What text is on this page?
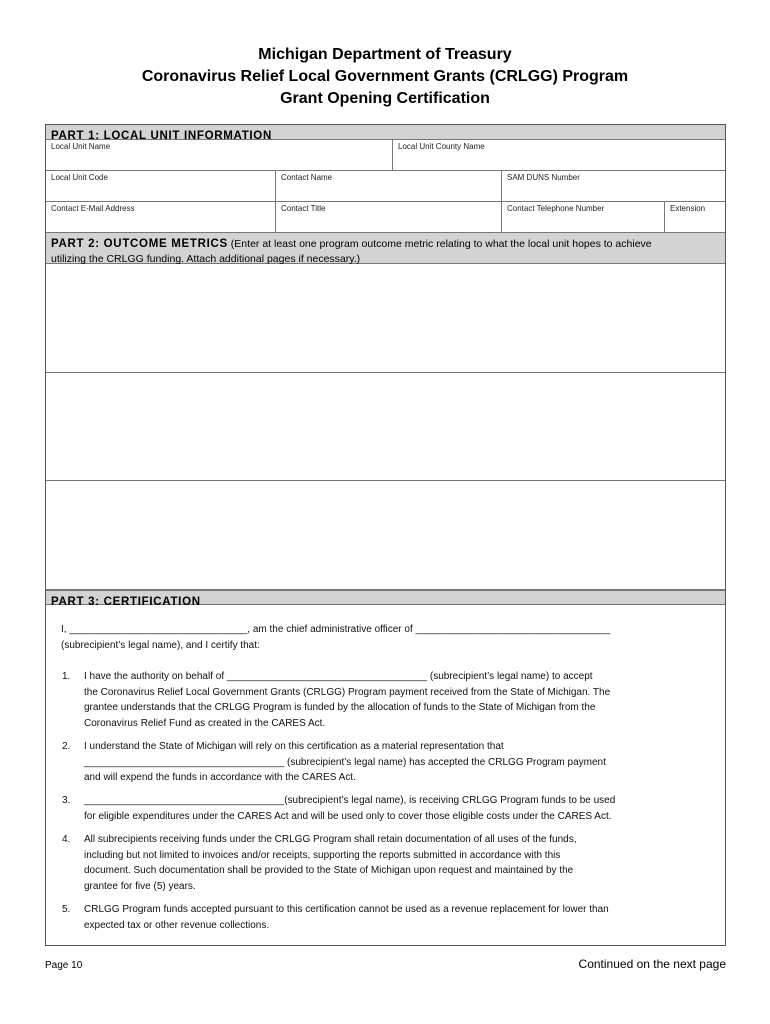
Michigan Department of Treasury
Coronavirus Relief Local Government Grants (CRLGG) Program
Grant Opening Certification
PART 1: LOCAL UNIT INFORMATION
Local Unit Name	Local Unit County Name
Local Unit Code	Contact Name	SAM DUNS Number
Contact E-Mail Address	Contact Title	Contact Telephone Number	Extension
PART 2: OUTCOME METRICS (Enter at least one program outcome metric relating to what the local unit hopes to achieve
utilizing the CRLGG funding. Attach additional pages if necessary.)
PART 3: CERTIFICATION
I, ________________________________, am the chief administrative officer of ___________________________________
(subrecipient’s legal name), and I certify that:
1. I have the authority on behalf of ____________________________________ (subrecipient’s legal name) to accept
the Coronavirus Relief Local Government Grants (CRLGG) Program payment received from the State of Michigan. The
grantee understands that the CRLGG Program is funded by the allocation of funds to the State of Michigan from the
Coronavirus Relief Fund as created in the CARES Act.
2. I understand the State of Michigan will rely on this certification as a material representation that
____________________________________ (subrecipient’s legal name) has accepted the CRLGG Program payment
and will expend the funds in accordance with the CARES Act.
3. ____________________________________(subrecipient’s legal name), is receiving CRLGG Program funds to be used
for eligible expenditures under the CARES Act and will be used only to cover those eligible costs under the CARES Act.
4. All subrecipients receiving funds under the CRLGG Program shall retain documentation of all uses of the funds,
including but not limited to invoices and/or receipts, supporting the reports submitted in accordance with this
document. Such documentation shall be provided to the State of Michigan upon request and maintained by the
grantee for five (5) years.
5. CRLGG Program funds accepted pursuant to this certification cannot be used as a revenue replacement for lower than
expected tax or other revenue collections.
Page 10	Continued on the next page
